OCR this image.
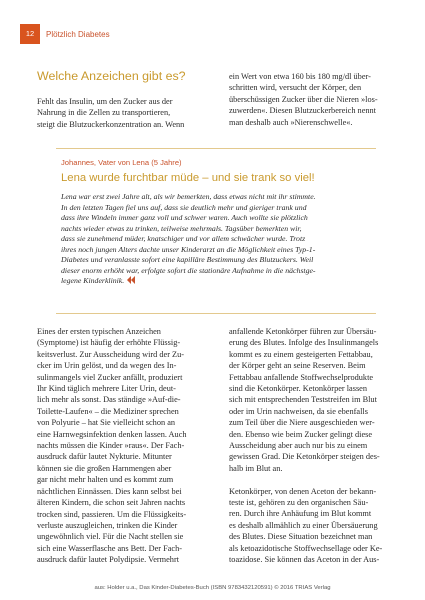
12	Plötzlich Diabetes
Welche Anzeichen gibt es?
Fehlt das Insulin, um den Zucker aus der
Nahrung in die Zellen zu transportieren,
steigt die Blutzuckerkonzentration an. Wenn
ein Wert von etwa 160 bis 180 mg/dl über-
schritten wird, versucht der Körper, den
überschüssigen Zucker über die Nieren »los-
zuwerden«. Diesen Blutzuckerbereich nennt
man deshalb auch »Nierenschwelle«.
Johannes, Vater von Lena (5 Jahre)
Lena wurde furchtbar müde – und sie trank so viel!
Lena war erst zwei Jahre alt, als wir bemerkten, dass etwas nicht mit ihr stimmte.
In den letzten Tagen fiel uns auf, dass sie deutlich mehr und gieriger trank und
dass ihre Windeln immer ganz voll und schwer waren. Auch wollte sie plötzlich
nachts wieder etwas zu trinken, teilweise mehrmals. Tagsüber bemerkten wir,
dass sie zunehmend müder, knatschiger und vor allem schwächer wurde. Trotz
ihres noch jungen Alters dachte unser Kinderarzt an die Möglichkeit eines Typ-1-
Diabetes und veranlasste sofort eine kapilläre Bestimmung des Blutzuckers. Weil
dieser enorm erhöht war, erfolgte sofort die stationäre Aufnahme in die nächstge-
legene Kinderklinik.
Eines der ersten typischen Anzeichen
(Symptome) ist häufig der erhöhte Flüssig-
keitsverlust. Zur Ausscheidung wird der Zu-
cker im Urin gelöst, und da wegen des In-
sulinmangels viel Zucker anfällt, produziert
Ihr Kind täglich mehrere Liter Urin, deut-
lich mehr als sonst. Das ständige »Auf-die-
Toilette-Laufen« – die Mediziner sprechen
von Polyurie – hat Sie vielleicht schon an
eine Harnwegsinfektion denken lassen. Auch
nachts müssen die Kinder »raus«. Der Fach-
ausdruck dafür lautet Nykturie. Mitunter
können sie die großen Harnmengen aber
gar nicht mehr halten und es kommt zum
nächtlichen Einnässen. Dies kann selbst bei
älteren Kindern, die schon seit Jahren nachts
trocken sind, passieren. Um die Flüssigkeits-
verluste auszugleichen, trinken die Kinder
ungewöhnlich viel. Für die Nacht stellen sie
sich eine Wasserflasche ans Bett. Der Fach-
ausdruck dafür lautet Polydipsie. Vermehrt
anfallende Ketonkörper führen zur Übersäu-
erung des Blutes. Infolge des Insulinmangels
kommt es zu einem gesteigerten Fettabbau,
der Körper geht an seine Reserven. Beim
Fettabbau anfallende Stoffwechselprodukte
sind die Ketonkörper. Ketonkörper lassen
sich mit entsprechenden Teststreifen im Blut
oder im Urin nachweisen, da sie ebenfalls
zum Teil über die Niere ausgeschieden wer-
den. Ebenso wie beim Zucker gelingt diese
Ausscheidung aber auch nur bis zu einem
gewissen Grad. Die Ketonkörper steigen des-
halb im Blut an.
Ketonkörper, von denen Aceton der bekann-
teste ist, gehören zu den organischen Säu-
ren. Durch ihre Anhäufung im Blut kommt
es deshalb allmählich zu einer Übersäuerung
des Blutes. Diese Situation bezeichnet man
als ketoazidotische Stoffwechsellage oder Ke-
toazidose. Sie können das Aceton in der Aus-
aus: Holder u.a., Das Kinder-Diabetes-Buch (ISBN 9783432120591) © 2016 TRIAS Verlag
